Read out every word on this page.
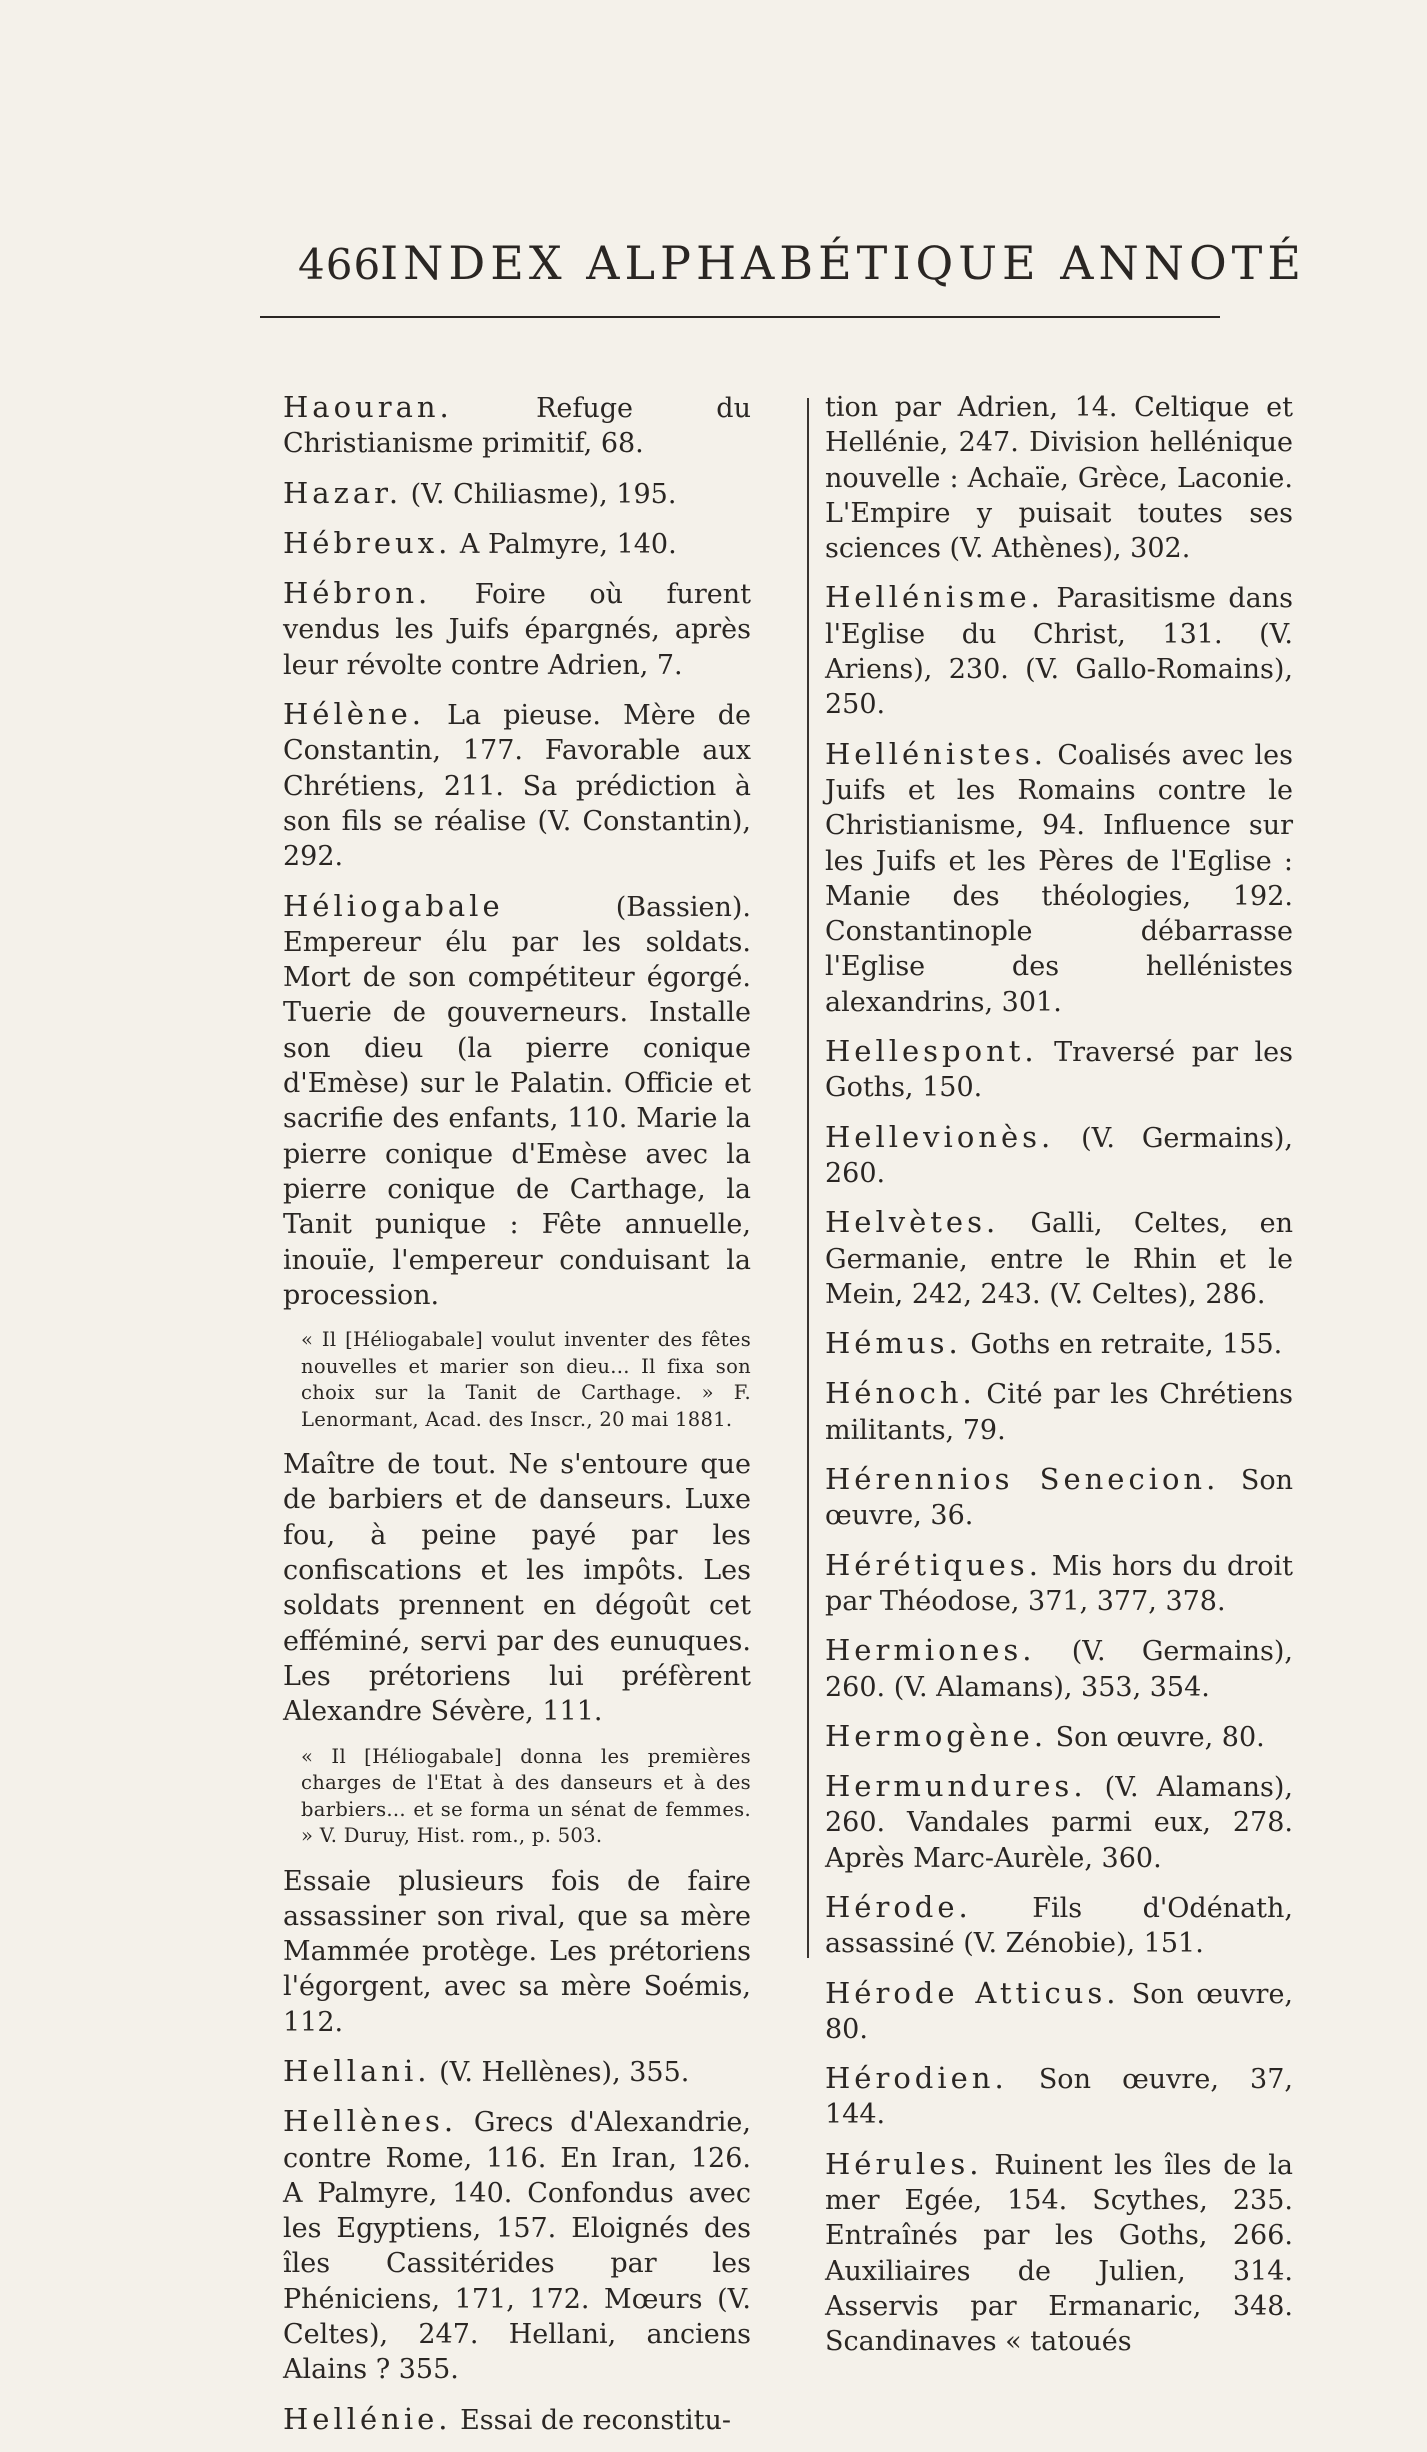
466
INDEX ALPHABÉTIQUE ANNOTÉ

Haouran.	Refuge du Christianisme primitif, 68.

Hazar. (V. Chiliasme), 195.

Hébreux. A Palmyre, 140.

Hébron. Foire où furent vendus les Juifs épargnés, après leur révolte contre Adrien, 7.

Hélène. La pieuse. Mère de Constantin, 177. Favorable aux Chrétiens, 211. Sa prédiction à son fils se réalise (V. Constantin), 292.

Héliogabale	(Bassien). Empereur élu par les soldats. Mort de son compétiteur égorgé. Tuerie de gouverneurs. Installe son dieu (la pierre conique d'Emèse) sur le Palatin. Officie et sacrifie des enfants, 110. Marie la pierre conique d'Emèse avec la pierre conique de Carthage, la Tanit punique : Fête annuelle, inouïe, l'empereur conduisant la procession.

« Il [Héliogabale] voulut inventer des fêtes nouvelles et marier son dieu... Il fixa son choix sur la Tanit de Carthage. » F. Lenormant, Acad. des Inscr., 20 mai 1881.

Maître de tout. Ne s'entoure que de barbiers et de danseurs. Luxe fou, à peine payé par les confiscations et les impôts. Les soldats prennent en dégoût cet efféminé, servi par des eunuques. Les prétoriens lui préfèrent Alexandre Sévère, 111.

« Il [Héliogabale] donna les premières charges de l'Etat à des danseurs et à des barbiers... et se forma un sénat de femmes. » V. Duruy, Hist. rom., p. 503.

Essaie plusieurs fois de faire assassiner son rival, que sa mère Mammée protège. Les prétoriens l'égorgent, avec sa mère Soémis, 112.

Hellani. (V. Hellènes), 355.

Hellènes. Grecs d'Alexandrie, contre Rome, 116. En Iran, 126. A Palmyre, 140. Confondus avec les Egyptiens, 157. Eloignés des îles Cassitérides par les Phéniciens, 171, 172. Mœurs (V. Celtes), 247. Hellani, anciens Alains ? 355.

Hellénie. Essai de reconstitu-

tion par Adrien, 14. Celtique et Hellénie, 247. Division hellénique nouvelle : Achaïe, Grèce, Laconie. L'Empire y puisait toutes ses sciences (V. Athènes), 302.

Hellénisme. Parasitisme dans l'Eglise du Christ, 131. (V. Ariens), 230. (V. Gallo-Romains), 250.

Hellénistes. Coalisés avec les Juifs et les Romains contre le Christianisme, 94. Influence sur les Juifs et les Pères de l'Eglise : Manie des théologies, 192. Constantinople débarrasse l'Eglise des hellénistes alexandrins, 301.

Hellespont. Traversé par les Goths, 150.

Hellevionès. (V. Germains), 260.

Helvètes. Galli, Celtes, en Germanie, entre le Rhin et le Mein, 242, 243. (V. Celtes), 286.

Hémus. Goths en retraite, 155.

Hénoch. Cité par les Chrétiens militants, 79.

Hérennios Senecion. Son œuvre, 36.

Hérétiques. Mis hors du droit par Théodose, 371, 377, 378.

Hermiones. (V. Germains), 260. (V. Alamans), 353, 354.

Hermogène. Son œuvre, 80.

Hermundures. (V. Alamans), 260. Vandales parmi eux, 278. Après Marc-Aurèle, 360.

Hérode. Fils d'Odénath, assassiné (V. Zénobie), 151.

Hérode Atticus. Son œuvre, 80.

Hérodien. Son œuvre, 37, 144.

Hérules. Ruinent les îles de la mer Egée, 154. Scythes, 235. Entraînés par les Goths, 266. Auxiliaires de Julien, 314. Asservis par Ermanaric, 348. Scandinaves « tatoués
